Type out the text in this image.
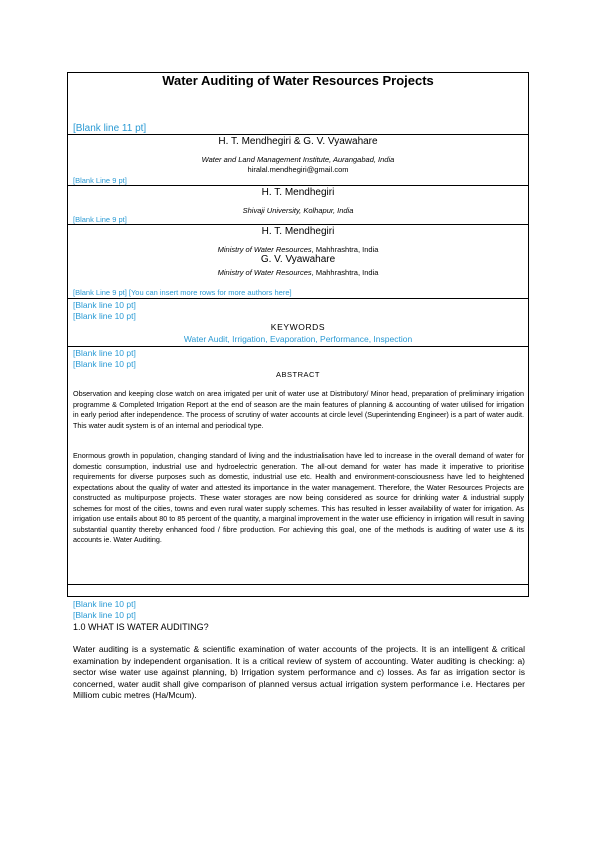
Water Auditing of Water Resources Projects
[Blank line 11 pt]
H. T. Mendhegiri & G. V. Vyawahare
Water and Land Management Institute, Aurangabad, India
hiralal.mendhegiri@gmail.com
[Blank Line 9 pt]
H. T. Mendhegiri
Shivaji University, Kolhapur, India
[Blank Line 9 pt]
H. T. Mendhegiri
Ministry of Water Resources, Mahhrashtra, India
G. V. Vyawahare
Ministry of Water Resources, Mahhrashtra, India
[Blank Line 9 pt] [You can insert more rows for more authors here]
[Blank line 10 pt]
[Blank line 10 pt]
KEYWORDS
Water Audit, Irrigation, Evaporation, Performance, Inspection
[Blank line 10 pt]
[Blank line 10 pt]
ABSTRACT

Observation and keeping close watch on area irrigated per unit of water use at Distributory/ Minor head, preparation of preliminary irrigation programme & Completed Irrigation Report at the end of season are the main features of planning & accounting of water utilised for irrigation in early period after independence. The process of scrutiny of water accounts at circle level (Superintending Engineer) is a part of water audit. This water audit system is of an internal and periodical type.

Enormous growth in population, changing standard of living and the industrialisation have led to increase in the overall demand of water for domestic consumption, industrial use and hydroelectric generation. The all-out demand for water has made it imperative to prioritise requirements for diverse purposes such as domestic, industrial use etc. Health and environment-consciousness have led to heightened expectations about the quality of water and attested its importance in the water management. Therefore, the Water Resources Projects are constructed as multipurpose projects. These water storages are now being considered as source for drinking water & industrial supply schemes for most of the cities, towns and even rural water supply schemes. This has resulted in lesser availability of water for irrigation. As irrigation use entails about 80 to 85 percent of the quantity, a marginal improvement in the water use efficiency in irrigation will result in saving substantial quantity thereby enhanced food / fibre production. For achieving this goal, one of the methods is auditing of water use & its accounts ie. Water Auditing.

[Blank line 10 pt]
[Blank line 10 pt]
1.0 WHAT IS WATER AUDITING?

Water auditing is a systematic & scientific examination of water accounts of the projects. It is an intelligent & critical examination by independent organisation. It is a critical review of system of accounting. Water auditing is checking: a) sector wise water use against planning, b) Irrigation system performance and c) losses. As far as irrigation sector is concerned, water audit shall give comparison of planned versus actual irrigation system performance i.e. Hectares per Milliom cubic metres (Ha/Mcum).
